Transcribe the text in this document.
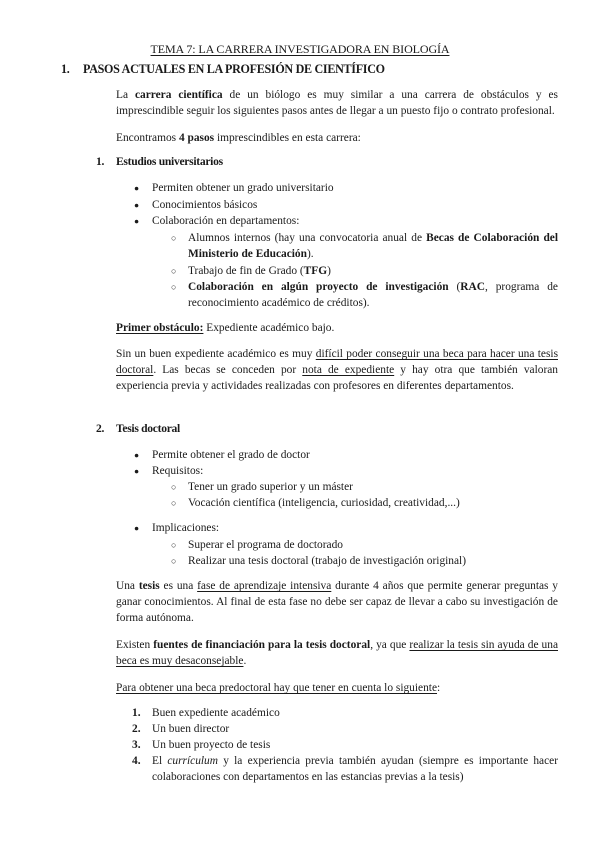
TEMA 7: LA CARRERA INVESTIGADORA EN BIOLOGÍA
1. PASOS ACTUALES EN LA PROFESIÓN DE CIENTÍFICO

La carrera científica de un biólogo es muy similar a una carrera de obstáculos y es imprescindible seguir los siguientes pasos antes de llegar a un puesto fijo o contrato profesional.

Encontramos 4 pasos imprescindibles en esta carrera:

1. Estudios universitarios

● Permiten obtener un grado universitario

● Conocimientos básicos

● Colaboración en departamentos:

○ Alumnos internos (hay una convocatoria anual de Becas de Colaboración del Ministerio de Educación).

○ Trabajo de fin de Grado (TFG)

○ Colaboración en algún proyecto de investigación (RAC, programa de reconocimiento académico de créditos).

Primer obstáculo: Expediente académico bajo.

Sin un buen expediente académico es muy difícil poder conseguir una beca para hacer una tesis doctoral. Las becas se conceden por nota de expediente y hay otra que también valoran experiencia previa y actividades realizadas con profesores en diferentes departamentos.

2. Tesis doctoral

● Permite obtener el grado de doctor

● Requisitos:

○ Tener un grado superior y un máster

○ Vocación científica (inteligencia, curiosidad, creatividad,...)

● Implicaciones:

○ Superar el programa de doctorado

○ Realizar una tesis doctoral (trabajo de investigación original)

Una tesis es una fase de aprendizaje intensiva durante 4 años que permite generar preguntas y ganar conocimientos. Al final de esta fase no debe ser capaz de llevar a cabo su investigación de forma autónoma.

Existen fuentes de financiación para la tesis doctoral, ya que realizar la tesis sin ayuda de una beca es muy desaconsejable.

Para obtener una beca predoctoral hay que tener en cuenta lo siguiente:

1. Buen expediente académico

2. Un buen director

3. Un buen proyecto de tesis

4. El currículum y la experiencia previa también ayudan (siempre es importante hacer colaboraciones con departamentos en las estancias previas a la tesis)
